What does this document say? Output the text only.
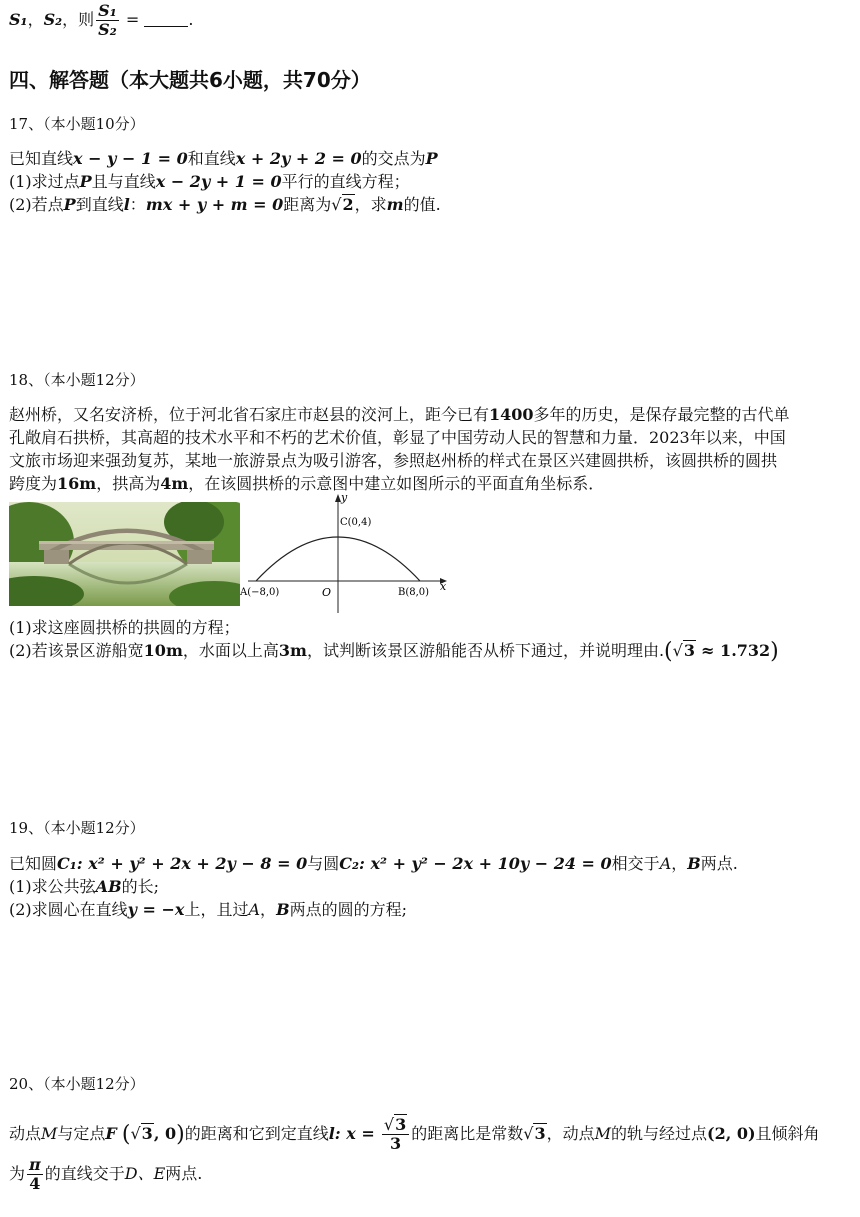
S₁，S₂，则 $\frac{\text{S₁}}{\text{S₂}}$ =	.
四、解答题（本大题共6小题，共70分）
17、（本小题10分）
已知直线x − y − 1 = 0和直线x + 2y + 2 = 0的交点为P
(1)求过点P且与直线x − 2y + 1 = 0平行的直线方程；
(2)若点P到直线l：mx + y + m = 0距离为√2，求m的值.
18、（本小题12分）
赵州桥，又名安济桥，位于河北省石家庄市赵县的洨河上，距今已有1400多年的历史，是保存最完整的古代单
孔敞肩石拱桥，其高超的技术水平和不朽的艺术价值，彰显了中国劳动人民的智慧和力量．2023年以来，中国
文旅市场迎来强劲复苏，某地一旅游景点为吸引游客，参照赵州桥的样式在景区兴建圆拱桥，该圆拱桥的圆拱
跨度为16m，拱高为4m，在该圆拱桥的示意图中建立如图所示的平面直角坐标系．
y
x
C(0,4)
A(−8,0)	O	B(8,0)
(1)求这座圆拱桥的拱圆的方程；
(2)若该景区游船宽10m，水面以上高3m，试判断该景区游船能否从桥下通过，并说明理由.(√3 ≈ 1.732)
19、（本小题12分）
已知圆C₁: x² + y² + 2x + 2y − 8 = 0与圆C₂: x² + y² − 2x + 10y − 24 = 0相交于A，B两点.
(1)求公共弦AB的长;
(2)求圆心在直线y = −x上，且过A，B两点的圆的方程;
20、（本小题12分）
动点M与定点F (√3, 0)的距离和它到定直线l: $x = \frac{√3}{3}$ 的距离比是常数√3，动点M的轨与经过点(2, 0)且倾斜角
为 $\frac{\pi}{4}$ 的直线交于D、E两点.
